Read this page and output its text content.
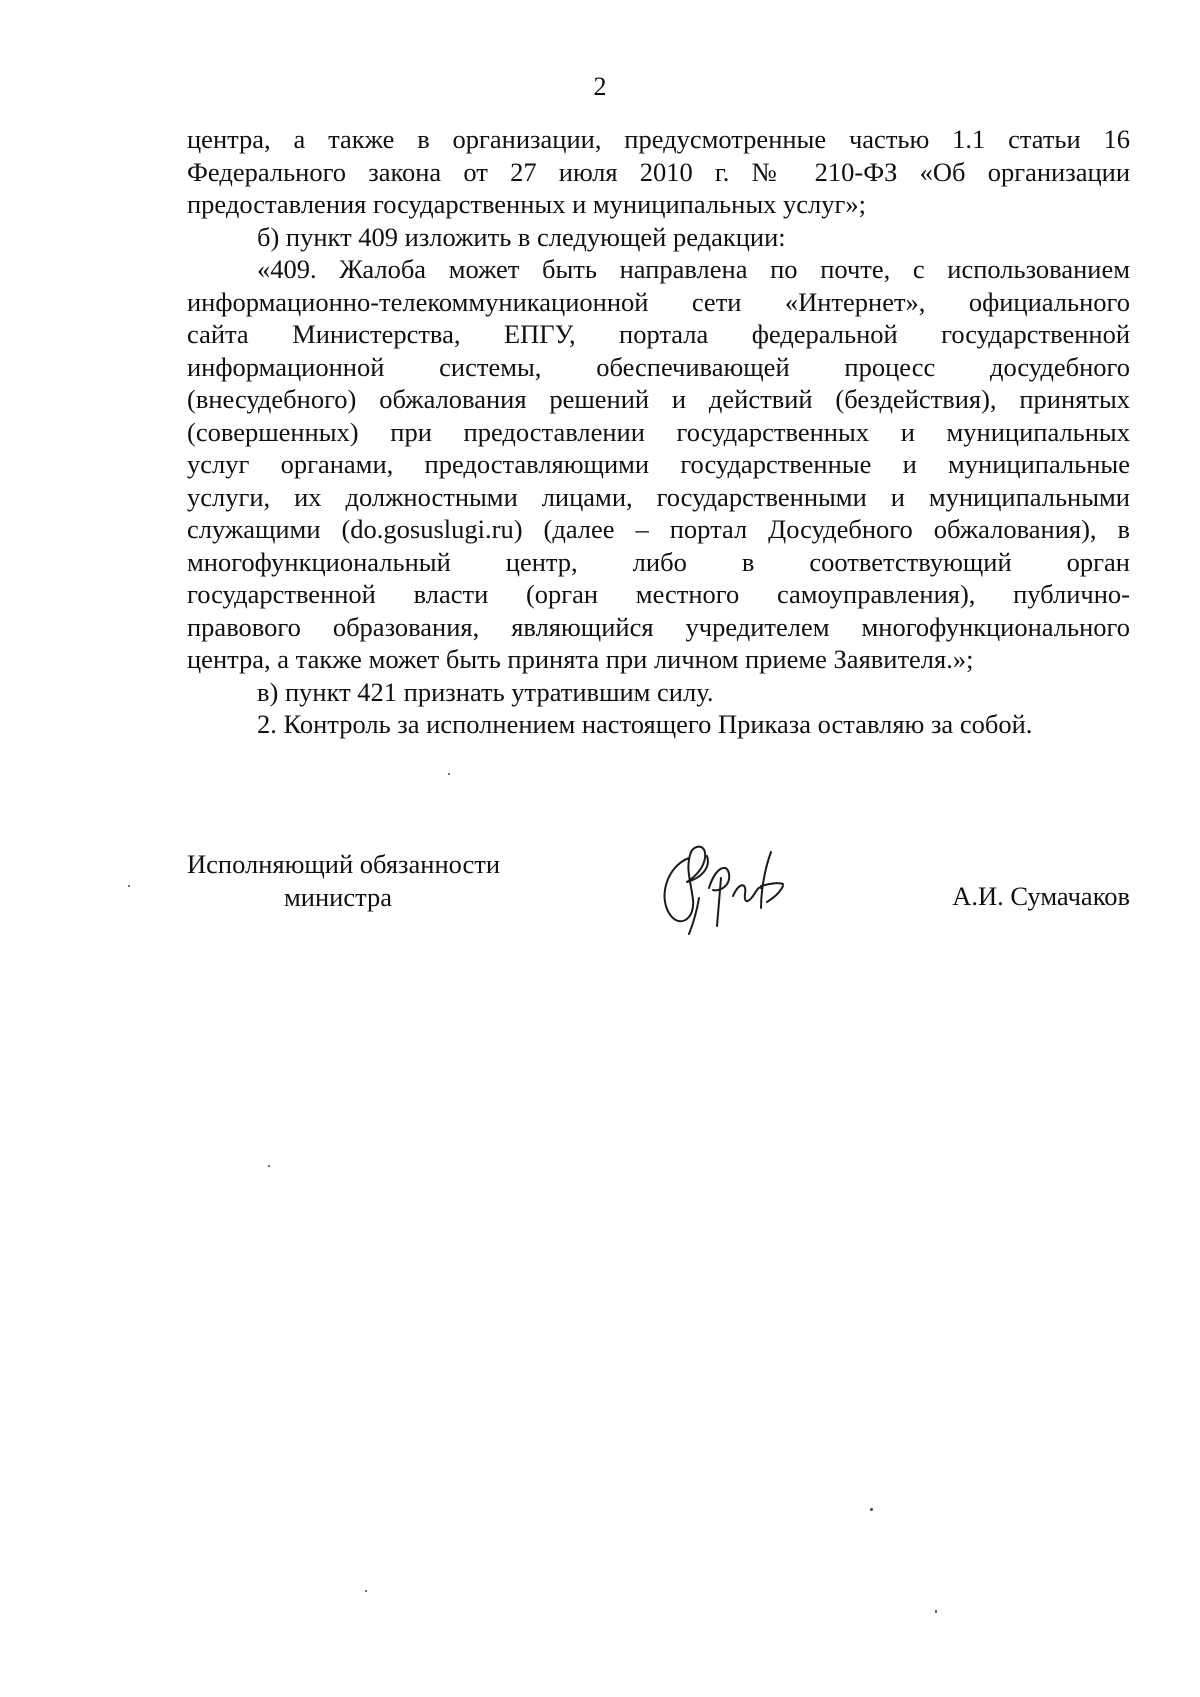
2
центра, а также в организации, предусмотренные частью 1.1 статьи 16
Федерального закона от 27 июля 2010 г. № 210-ФЗ «Об организации
предоставления государственных и муниципальных услуг»;
б) пункт 409 изложить в следующей редакции:
«409. Жалоба может быть направлена по почте, с использованием
информационно-телекоммуникационной сети «Интернет», официального
сайта Министерства, ЕПГУ, портала федеральной государственной
информационной системы, обеспечивающей процесс досудебного
(внесудебного) обжалования решений и действий (бездействия), принятых
(совершенных) при предоставлении государственных и муниципальных
услуг органами, предоставляющими государственные и муниципальные
услуги, их должностными лицами, государственными и муниципальными
служащими (do.gosuslugi.ru) (далее – портал Досудебного обжалования), в
многофункциональный центр, либо в соответствующий орган
государственной власти (орган местного самоуправления), публично-
правового образования, являющийся учредителем многофункционального
центра, а также может быть принята при личном приеме Заявителя.»;
в) пункт 421 признать утратившим силу.
2. Контроль за исполнением настоящего Приказа оставляю за собой.
Исполняющий обязанности
министра	А.И. Сумачаков
